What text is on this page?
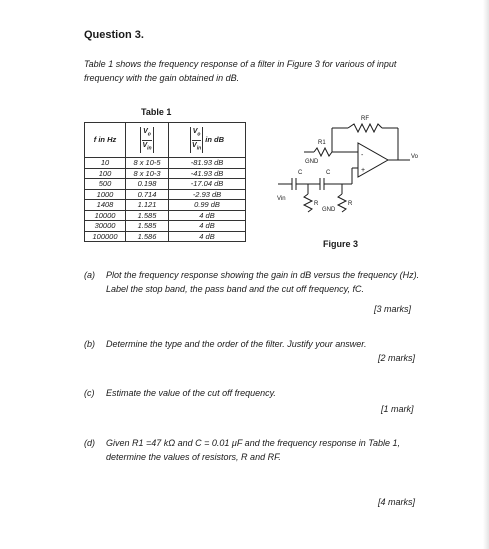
Question 3.
Table 1 shows the frequency response of a filter in Figure 3 for various of input frequency with the gain obtained in dB.
Table 1
f in Hz	$\frac{V_o}{V_{in}}$	$\frac{V_o}{V_{in}}$ in dB
10	8 x 10-5	-81.93 dB
100	8 x 10-3	-41.93 dB
500	0.198	-17.04 dB
1000	0.714	-2.93 dB
1408	1.121	0.99 dB
10000	1.585	4 dB
30000	1.585	4 dB
100000	1.586	4 dB
RF
R1
GND
-
+
Vo
C	C
Vin
R	R
GND
Figure 3
(a) Plot the frequency response showing the gain in dB versus the frequency (Hz). Label the stop band, the pass band and the cut off frequency, fC.
[3 marks]
(b) Determine the type and the order of the filter. Justify your answer.
[2 marks]
(c) Estimate the value of the cut off frequency.
[1 mark]
(d) Given R1 =47 kΩ and C = 0.01 μF and the frequency response in Table 1, determine the values of resistors, R and RF.
[4 marks]
